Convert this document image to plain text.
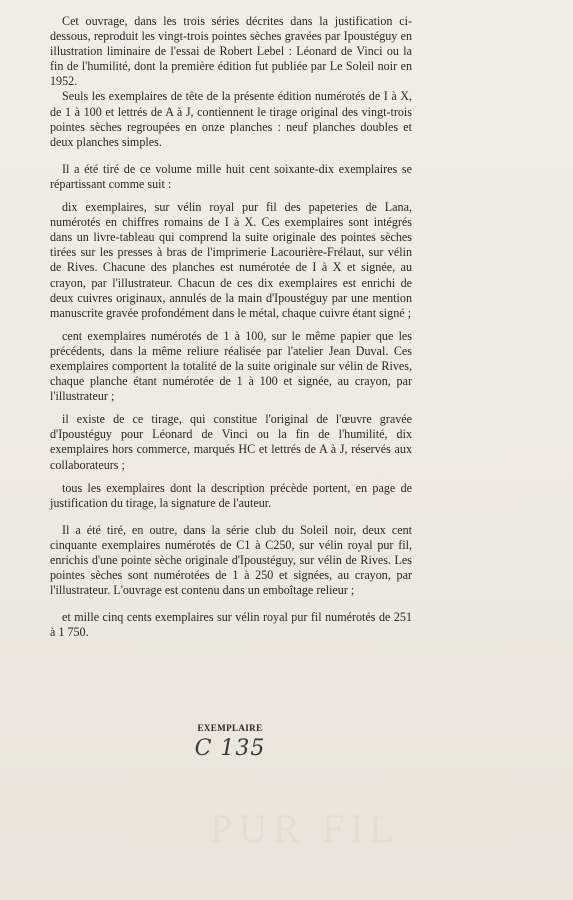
Cet ouvrage, dans les trois séries décrites dans la justification ci-dessous, reproduit les vingt-trois pointes sèches gravées par Ipoustéguy en illustration liminaire de l'essai de Robert Lebel : Léonard de Vinci ou la fin de l'humilité, dont la première édition fut publiée par Le Soleil noir en 1952.

Seuls les exemplaires de tête de la présente édition numérotés de I à X, de 1 à 100 et lettrés de A à J, contiennent le tirage original des vingt-trois pointes sèches regroupées en onze planches : neuf planches doubles et deux planches simples.

Il a été tiré de ce volume mille huit cent soixante-dix exemplaires se répartissant comme suit :

dix exemplaires, sur vélin royal pur fil des papeteries de Lana, numérotés en chiffres romains de I à X. Ces exemplaires sont intégrés dans un livre-tableau qui comprend la suite originale des pointes sèches tirées sur les presses à bras de l'imprimerie Lacourière-Frélaut, sur vélin de Rives. Chacune des planches est numérotée de I à X et signée, au crayon, par l'illustrateur. Chacun de ces dix exemplaires est enrichi de deux cuivres originaux, annulés de la main d'Ipoustéguy par une mention manuscrite gravée profondément dans le métal, chaque cuivre étant signé ;

cent exemplaires numérotés de 1 à 100, sur le même papier que les précédents, dans la même reliure réalisée par l'atelier Jean Duval. Ces exemplaires comportent la totalité de la suite originale sur vélin de Rives, chaque planche étant numérotée de 1 à 100 et signée, au crayon, par l'illustrateur ;

il existe de ce tirage, qui constitue l'original de l'œuvre gravée d'Ipoustéguy pour Léonard de Vinci ou la fin de l'humilité, dix exemplaires hors commerce, marqués HC et lettrés de A à J, réservés aux collaborateurs ;

tous les exemplaires dont la description précède portent, en page de justification du tirage, la signature de l'auteur.

Il a été tiré, en outre, dans la série club du Soleil noir, deux cent cinquante exemplaires numérotés de C1 à C250, sur vélin royal pur fil, enrichis d'une pointe sèche originale d'Ipoustéguy, sur vélin de Rives. Les pointes sèches sont numérotées de 1 à 250 et signées, au crayon, par l'illustrateur. L'ouvrage est contenu dans un emboîtage relieur ;

et mille cinq cents exemplaires sur vélin royal pur fil numérotés de 251 à 1 750.

EXEMPLAIRE
C 135
PUR FIL
